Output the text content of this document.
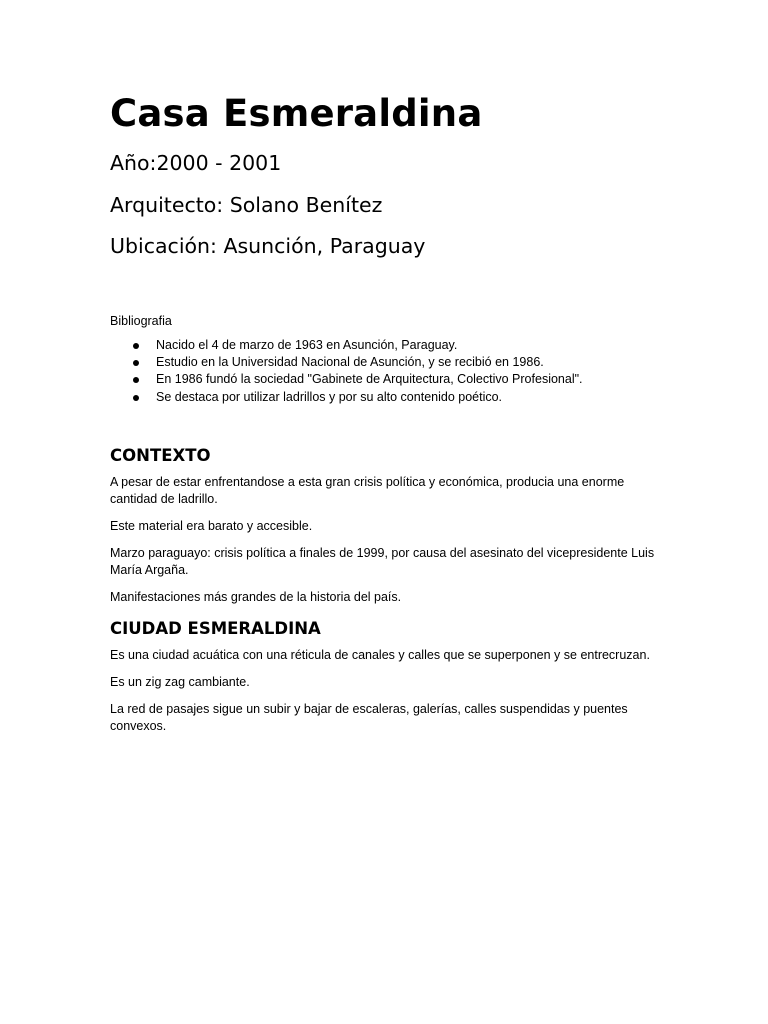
Casa Esmeraldina
Año:2000 - 2001
Arquitecto: Solano Benítez
Ubicación: Asunción, Paraguay
Bibliografia
Nacido el 4 de marzo de 1963 en Asunción, Paraguay.
Estudio en la Universidad Nacional de Asunción, y se recibió en 1986.
En 1986 fundó la sociedad "Gabinete de Arquitectura, Colectivo Profesional".
Se destaca por utilizar ladrillos y por su alto contenido poético.
CONTEXTO

A pesar de estar enfrentandose a esta gran crisis política y económica, producia una enorme cantidad de ladrillo.

Este material era barato y accesible.

Marzo paraguayo: crisis política a finales de 1999, por causa del asesinato del vicepresidente Luis María Argaña.

Manifestaciones más grandes de la historia del país.

CIUDAD ESMERALDINA

Es una ciudad acuática con una réticula de canales y calles que se superponen y se entrecruzan.

Es un zig zag cambiante.

La red de pasajes sigue un subir y bajar de escaleras, galerías, calles suspendidas y puentes convexos.
